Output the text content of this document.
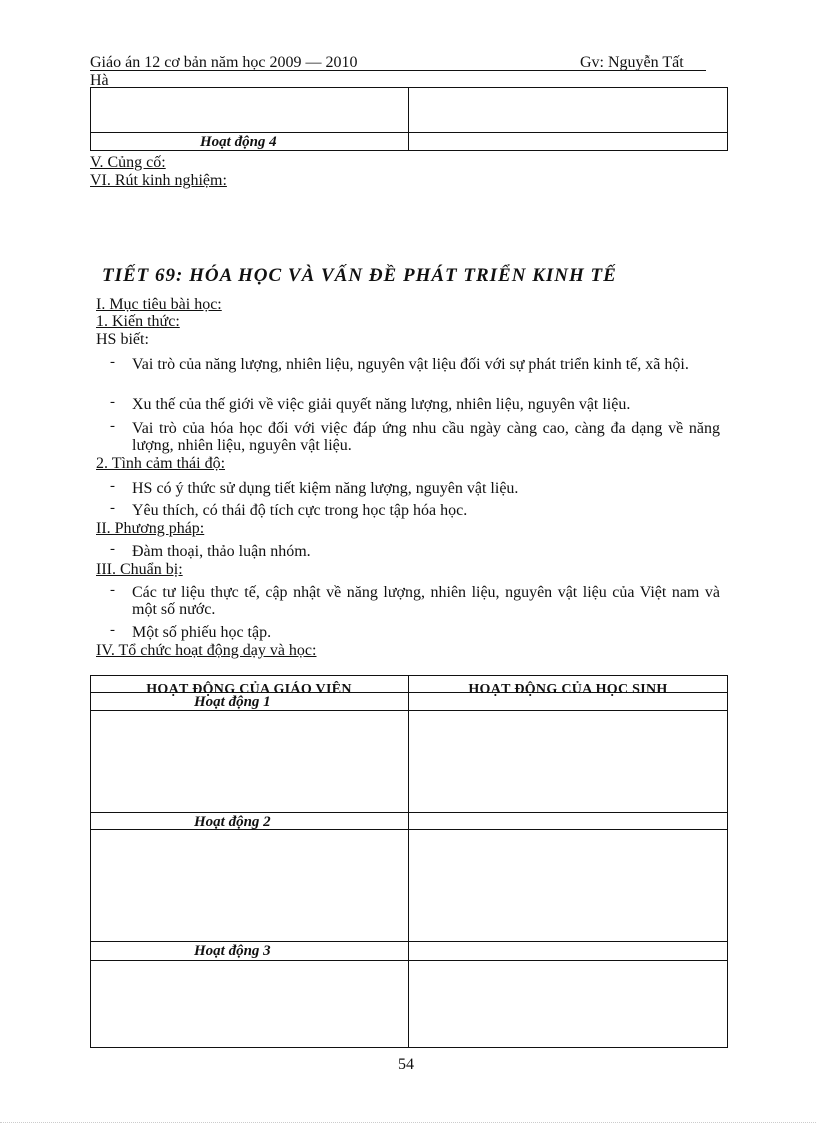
Giáo án 12 cơ bản năm học 2009 — 2010	Gv: Nguyễn Tất
Hà
Hoạt động 4
V. Củng cố:
VI. Rút kinh nghiệm:
TIẾT 69: HÓA HỌC VÀ VẤN ĐỀ PHÁT TRIỂN KINH TẾ
I. Mục tiêu bài học:
1. Kiến thức:
HS biết:
- Vai trò của năng lượng, nhiên liệu, nguyên vật liệu đối với sự phát triển kinh tế, xã hội.
- Xu thế của thế giới về việc giải quyết năng lượng, nhiên liệu, nguyên vật liệu.
- Vai trò của hóa học đối với việc đáp ứng nhu cầu ngày càng cao, càng đa dạng về năng lượng, nhiên liệu, nguyên vật liệu.
2. Tình cảm thái độ:
- HS có ý thức sử dụng tiết kiệm năng lượng, nguyên vật liệu.
- Yêu thích, có thái độ tích cực trong học tập hóa học.
II. Phương pháp:
- Đàm thoại, thảo luận nhóm.
III. Chuẩn bị:
- Các tư liệu thực tế, cập nhật về năng lượng, nhiên liệu, nguyên vật liệu của Việt nam và một số nước.
- Một số phiếu học tập.
IV. Tổ chức hoạt động dạy và học:
HOẠT ĐỘNG CỦA GIÁO VIÊN	HOẠT ĐỘNG CỦA HỌC SINH
Hoạt động 1
Hoạt động 2
Hoạt động 3
54
